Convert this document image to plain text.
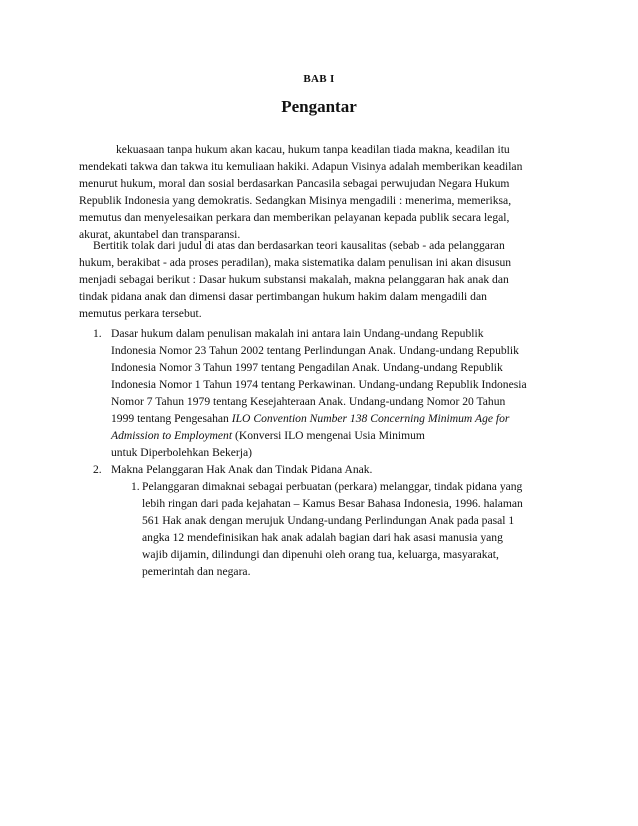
BAB I
Pengantar
kekuasaan tanpa hukum akan kacau, hukum tanpa keadilan tiada makna, keadilan itu
mendekati takwa dan takwa itu kemuliaan hakiki. Adapun Visinya adalah memberikan keadilan
menurut hukum, moral dan sosial berdasarkan Pancasila sebagai perwujudan Negara Hukum
Republik Indonesia yang demokratis. Sedangkan Misinya mengadili : menerima, memeriksa,
memutus dan menyelesaikan perkara dan memberikan pelayanan kepada publik secara legal,
akurat, akuntabel dan transparansi.
Bertitik tolak dari judul di atas dan berdasarkan teori kausalitas (sebab - ada pelanggaran
hukum, berakibat - ada proses peradilan), maka sistematika dalam penulisan ini akan disusun
menjadi sebagai berikut : Dasar hukum substansi makalah, makna pelanggaran hak anak dan
tindak pidana anak dan dimensi dasar pertimbangan hukum hakim dalam mengadili dan
memutus perkara tersebut.
1. Dasar hukum dalam penulisan makalah ini antara lain Undang-undang Republik
Indonesia Nomor 23 Tahun 2002 tentang Perlindungan Anak. Undang-undang Republik
Indonesia Nomor 3 Tahun 1997 tentang Pengadilan Anak. Undang-undang Republik
Indonesia Nomor 1 Tahun 1974 tentang Perkawinan. Undang-undang Republik Indonesia
Nomor 7 Tahun 1979 tentang Kesejahteraan Anak. Undang-undang Nomor 20 Tahun
1999 tentang Pengesahan ILO Convention Number 138 Concerning Minimum Age for
Admission to Employment (Konversi ILO mengenai Usia Minimum
untuk Diperbolehkan Bekerja)
2. Makna Pelanggaran Hak Anak dan Tindak Pidana Anak.
1. Pelanggaran dimaknai sebagai perbuatan (perkara) melanggar, tindak pidana yang
lebih ringan dari pada kejahatan – Kamus Besar Bahasa Indonesia, 1996. halaman
561 Hak anak dengan merujuk Undang-undang Perlindungan Anak pada pasal 1
angka 12 mendefinisikan hak anak adalah bagian dari hak asasi manusia yang
wajib dijamin, dilindungi dan dipenuhi oleh orang tua, keluarga, masyarakat,
pemerintah dan negara.
